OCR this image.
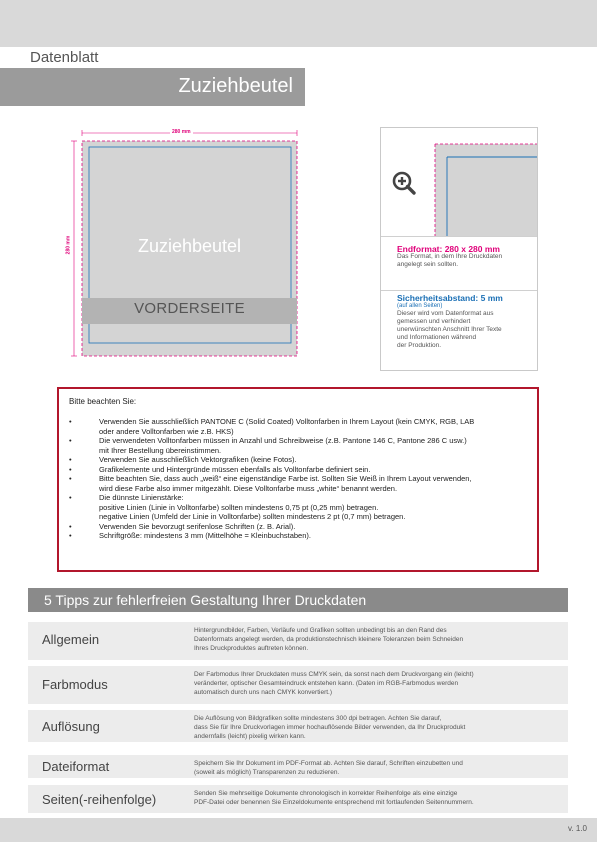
Datenblatt
Zuziehbeutel
280 mm
280 mm	Zuziehbeutel
VORDERSEITE
Endformat: 280 x 280 mm
Das Format, in dem Ihre Druckdaten
angelegt sein sollten.
Sicherheitsabstand: 5 mm
(auf allen Seiten)
Dieser wird vom Datenformat aus
gemessen und verhindert
unerwünschten Anschnitt Ihrer Texte
und Informationen während
der Produktion.
Bitte beachten Sie:
•	Verwenden Sie ausschließlich PANTONE C (Solid Coated) Volltonfarben in Ihrem Layout (kein CMYK, RGB, LAB
oder andere Volltonfarben wie z.B. HKS)
•	Die verwendeten Volltonfarben müssen in Anzahl und Schreibweise (z.B. Pantone 146 C, Pantone 286 C usw.)
mit Ihrer Bestellung übereinstimmen.
•	Verwenden Sie ausschließlich Vektorgrafiken (keine Fotos).
•	Grafikelemente und Hintergründe müssen ebenfalls als Volltonfarbe definiert sein.
•	Bitte beachten Sie, dass auch „weiß“ eine eigenständige Farbe ist. Sollten Sie Weiß in Ihrem Layout verwenden,
wird diese Farbe also immer mitgezählt. Diese Volltonfarbe muss „white“ benannt werden.
•	Die dünnste Linienstärke:
positive Linien (Linie in Volltonfarbe) sollten mindestens 0,75 pt (0,25 mm) betragen.
negative Linien (Umfeld der Linie in Volltonfarbe) sollten mindestens 2 pt (0,7 mm) betragen.
•	Verwenden Sie bevorzugt serifenlose Schriften (z. B. Arial).
•	Schriftgröße: mindestens 3 mm (Mittelhöhe = Kleinbuchstaben).
5 Tipps zur fehlerfreien Gestaltung Ihrer Druckdaten
Allgemein
Hintergrundbilder, Farben, Verläufe und Grafiken sollten unbedingt bis an den Rand des
Datenformats angelegt werden, da produktionstechnisch kleinere Toleranzen beim Schneiden
Ihres Druckproduktes auftreten können.
Farbmodus
Der Farbmodus Ihrer Druckdaten muss CMYK sein, da sonst nach dem Druckvorgang ein (leicht)
veränderter, optischer Gesamteindruck entstehen kann. (Daten im RGB-Farbmodus werden
automatisch durch uns nach CMYK konvertiert.)
Auflösung
Die Auflösung von Bildgrafiken sollte mindestens 300 dpi betragen. Achten Sie darauf,
dass Sie für Ihre Druckvorlagen immer hochauflösende Bilder verwenden, da Ihr Druckprodukt
andernfalls (leicht) pixelig wirken kann.
Dateiformat	Speichern Sie Ihr Dokument im PDF-Format ab. Achten Sie darauf, Schriften einzubetten und
(soweit als möglich) Transparenzen zu reduzieren.
Seiten(-reihenfolge)	Senden Sie mehrseitige Dokumente chronologisch in korrekter Reihenfolge als eine einzige
PDF-Datei oder benennen Sie Einzeldokumente entsprechend mit fortlaufenden Seitennummern.
v. 1.0
